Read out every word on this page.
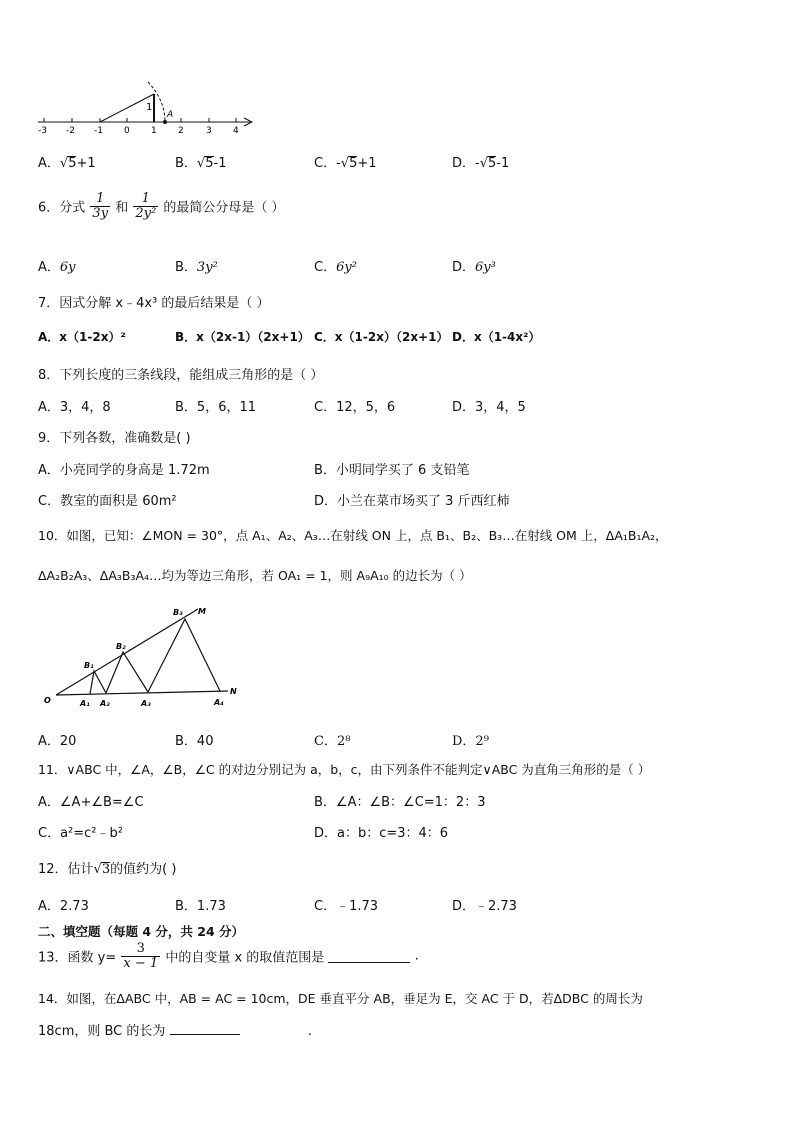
1
A
-3 -2 -1 0 1 2 3 4
A．√5+1	B．√5-1	C．-√5+1	D．-√5-1
6．分式 $\frac{1}{3y}$ 和 $\frac{1}{\text{2y²}}$ 的最简公分母是（ ）
A．6y	B．3y²	C．6y²	D．6y³
7．因式分解 x﹣4x³ 的最后结果是（ ）
A．x（1-2x）²	B．x（2x-1）（2x+1） C．x（1-2x）（2x+1） D．x（1-4x²）
8．下列长度的三条线段，能组成三角形的是（ ）
A．3，4，8	B．5，6，11	C．12，5，6	D．3，4，5
9．下列各数，准确数是( )
A．小亮同学的身高是 1.72m	B．小明同学买了 6 支铅笔
C．教室的面积是 60m²	D．小兰在菜市场买了 3 斤西红柿
10．如图，已知：∠MON = 30°，点 A₁、A₂、A₃…在射线 ON 上，点 B₁、B₂、B₃…在射线 OM 上，ΔA₁B₁A₂，
ΔA₂B₂A₃、ΔA₃B₃A₄…均为等边三角形，若 OA₁ = 1，则 A₉A₁₀ 的边长为（ ）
O	A₁ A₂	A₃	A₄
B₁
B₂
B₃ M
N
A．20	B．40	C．2⁸	D．2⁹
11．∨ABC 中，∠A，∠B，∠C 的对边分别记为 a，b，c，由下列条件不能判定∨ABC 为直角三角形的是（ ）
A．∠A+∠B=∠C	B．∠A：∠B：∠C=1：2：3
C．a²=c²﹣b²	D．a：b：c=3：4：6
12．估计√3的值约为( )
A．2.73	B．1.73	C．﹣1.73	D．﹣2.73
二、填空题（每题 4 分，共 24 分）
13．函数 $y= \frac{3}{x - 1}$ 中的自变量 x 的取值范围是	.
14．如图，在ΔABC 中，AB = AC = 10cm，DE 垂直平分 AB，垂足为 E，交 AC 于 D，若ΔDBC 的周长为
18cm，则 BC 的长为	.
